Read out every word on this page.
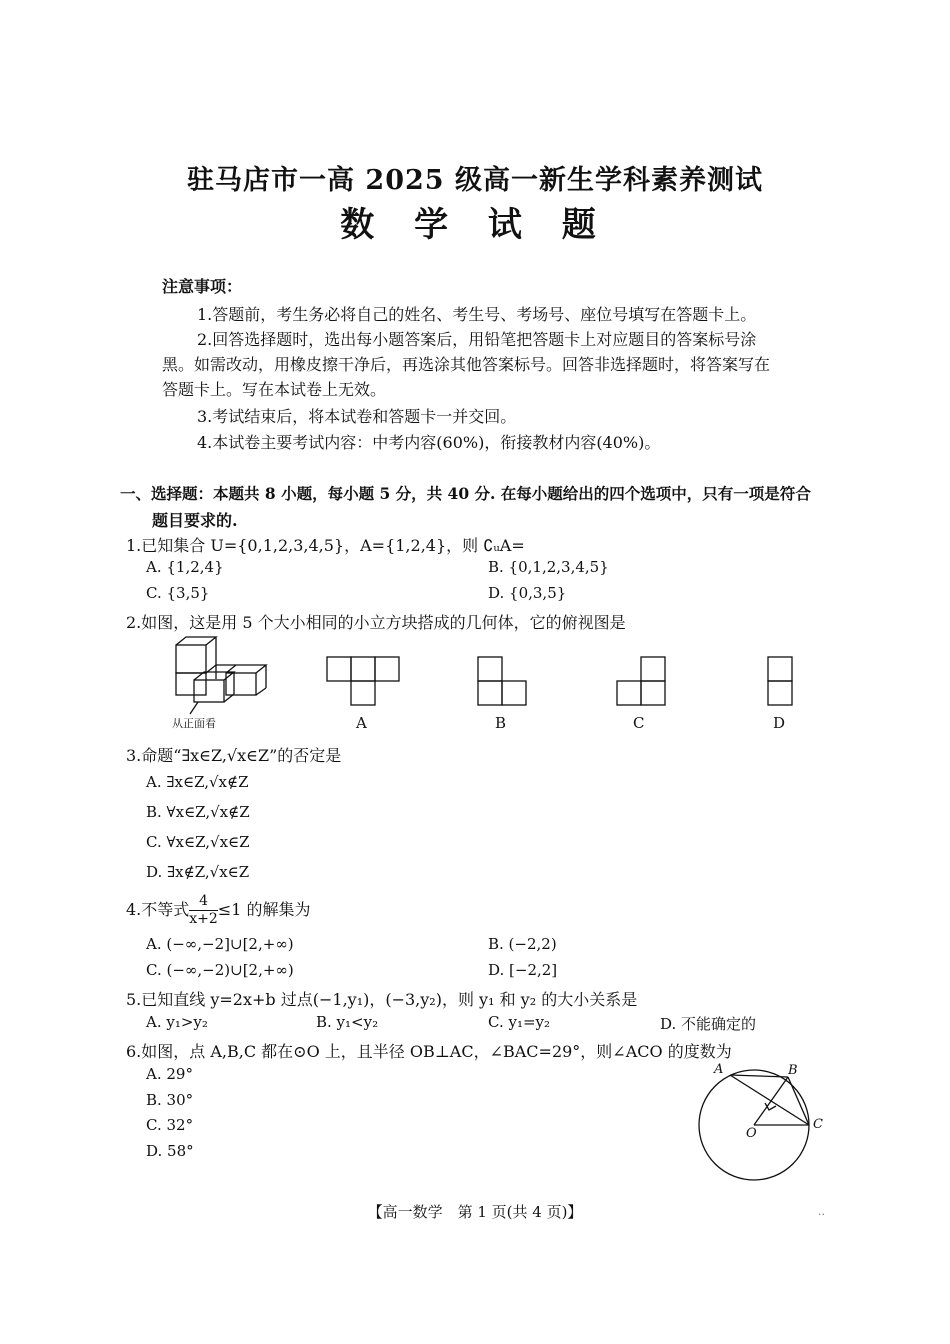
驻马店市一高 2025 级高一新生学科素养测试
数 学 试 题
注意事项：
1.答题前，考生务必将自己的姓名、考生号、考场号、座位号填写在答题卡上。
2.回答选择题时，选出每小题答案后，用铅笔把答题卡上对应题目的答案标号涂
黑。如需改动，用橡皮擦干净后，再选涂其他答案标号。回答非选择题时，将答案写在
答题卡上。写在本试卷上无效。
3.考试结束后，将本试卷和答题卡一并交回。
4.本试卷主要考试内容：中考内容(60%)，衔接教材内容(40%)。
一、选择题：本题共 8 小题，每小题 5 分，共 40 分. 在每小题给出的四个选项中，只有一项是符合
题目要求的.
1.已知集合 U={0,1,2,3,4,5}，A={1,2,4}，则 ∁ᵤA=
A. {1,2,4}	B. {0,1,2,3,4,5}
C. {3,5}	D. {0,3,5}
2.如图，这是用 5 个大小相同的小立方块搭成的几何体，它的俯视图是
从正面看	A	B	C	D
3.命题“∃x∈Z,√x∈Z”的否定是
A. ∃x∈Z,√x∉Z
B. ∀x∈Z,√x∉Z
C. ∀x∈Z,√x∈Z
D. ∃x∉Z,√x∈Z
4.不等式 $\frac{4}{x+2} \le 1$ 的解集为
A. (−∞,−2]∪[2,+∞)	B. (−2,2)
C. (−∞,−2)∪[2,+∞)	D. [−2,2]
5.已知直线 y=2x+b 过点(−1,y₁)，(−3,y₂)，则 y₁ 和 y₂ 的大小关系是
A. y₁>y₂	B. y₁<y₂	C. y₁=y₂	D. 不能确定的
6.如图，点 A,B,C 都在⊙O 上，且半径 OB⊥AC，∠BAC=29°，则∠ACO 的度数为
A. 29°
B. 30°
C. 32°
D. 58°
A	B
C
O
【高一数学　第 1 页(共 4 页)】	··
